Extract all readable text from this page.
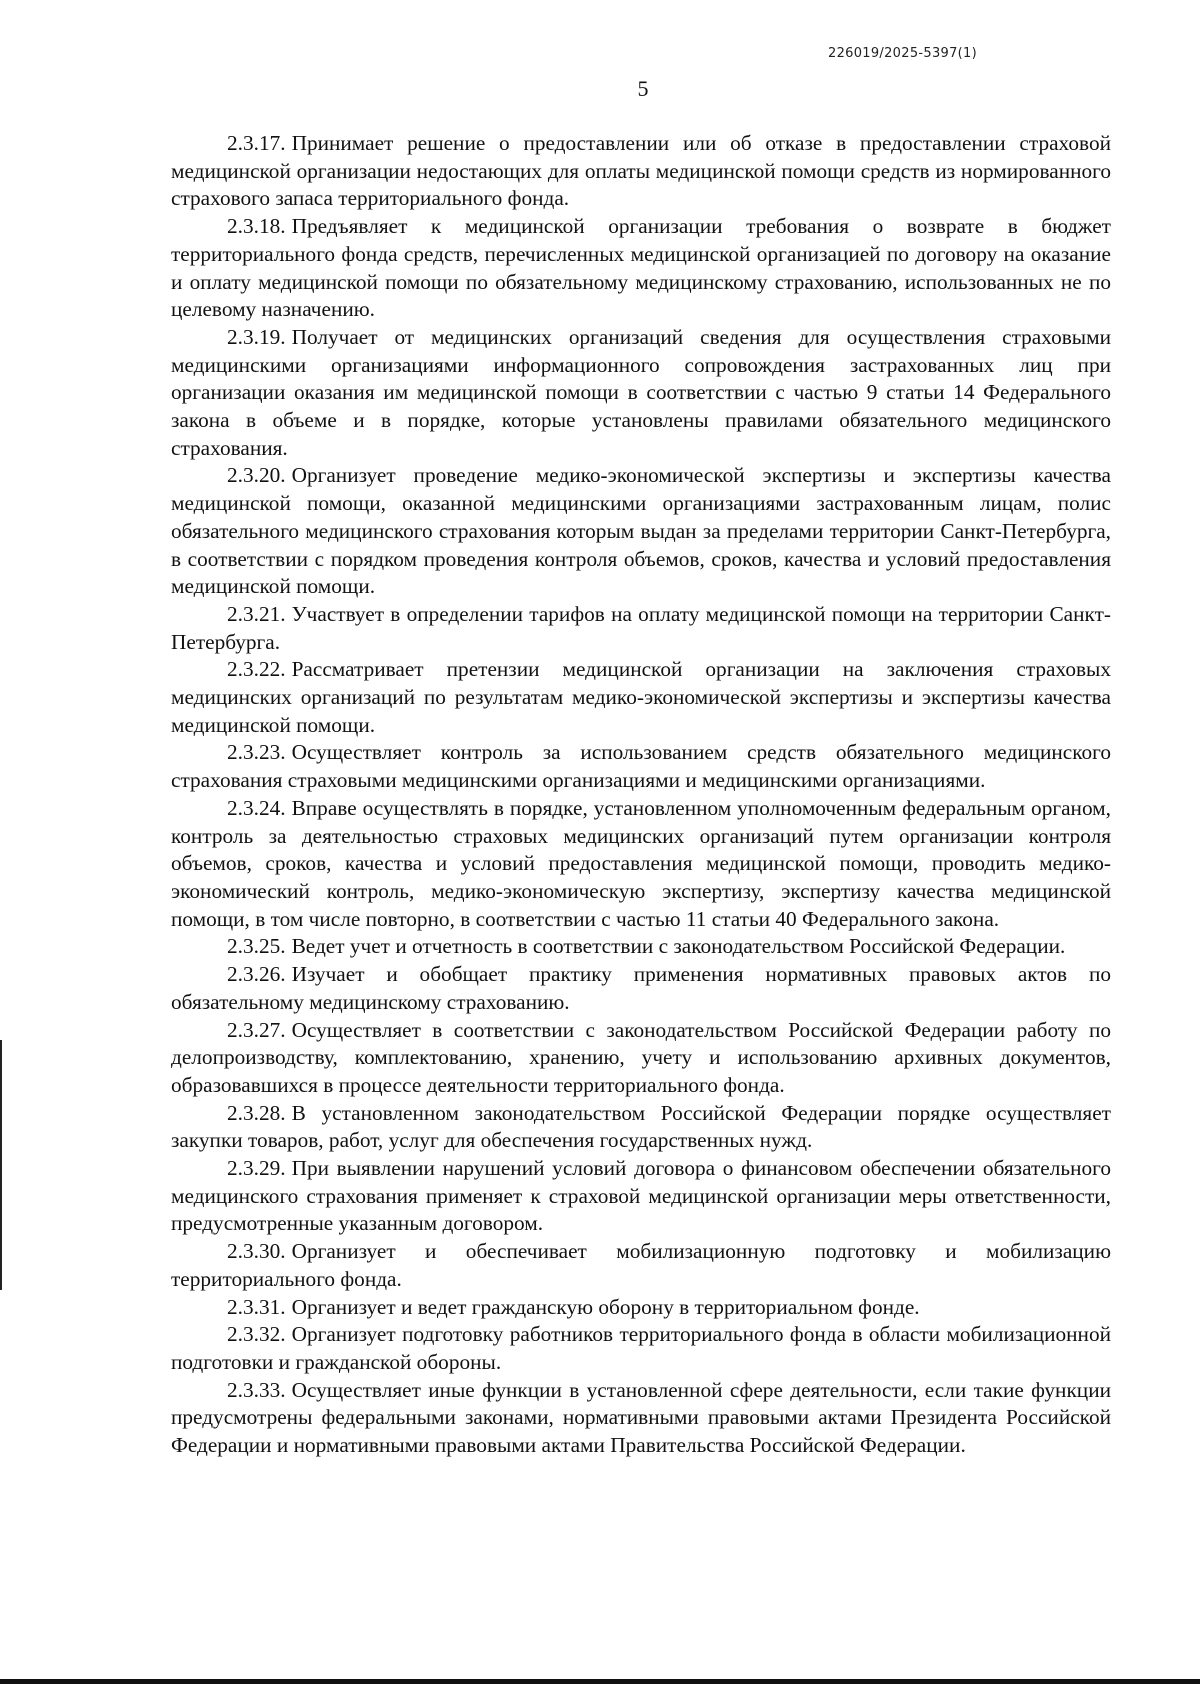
226019/2025-5397(1)
5

2.3.17. Принимает решение о предоставлении или об отказе в предоставлении страховой медицинской организации недостающих для оплаты медицинской помощи средств из нормированного страхового запаса территориального фонда.

2.3.18. Предъявляет к медицинской организации требования о возврате в бюджет территориального фонда средств, перечисленных медицинской организацией по договору на оказание и оплату медицинской помощи по обязательному медицинскому страхованию, использованных не по целевому назначению.

2.3.19. Получает от медицинских организаций сведения для осуществления страховыми медицинскими организациями информационного сопровождения застрахованных лиц при организации оказания им медицинской помощи в соответствии с частью 9 статьи 14 Федерального закона в объеме и в порядке, которые установлены правилами обязательного медицинского страхования.

2.3.20. Организует проведение медико-экономической экспертизы и экспертизы качества медицинской помощи, оказанной медицинскими организациями застрахованным лицам, полис обязательного медицинского страхования которым выдан за пределами территории Санкт-Петербурга, в соответствии с порядком проведения контроля объемов, сроков, качества и условий предоставления медицинской помощи.

2.3.21. Участвует в определении тарифов на оплату медицинской помощи на территории Санкт-Петербурга.

2.3.22. Рассматривает претензии медицинской организации на заключения страховых медицинских организаций по результатам медико-экономической экспертизы и экспертизы качества медицинской помощи.

2.3.23. Осуществляет контроль за использованием средств обязательного медицинского страхования страховыми медицинскими организациями и медицинскими организациями.

2.3.24. Вправе осуществлять в порядке, установленном уполномоченным федеральным органом, контроль за деятельностью страховых медицинских организаций путем организации контроля объемов, сроков, качества и условий предоставления медицинской помощи, проводить медико-экономический контроль, медико-экономическую экспертизу, экспертизу качества медицинской помощи, в том числе повторно, в соответствии с частью 11 статьи 40 Федерального закона.

2.3.25. Ведет учет и отчетность в соответствии с законодательством Российской Федерации.

2.3.26. Изучает и обобщает практику применения нормативных правовых актов по обязательному медицинскому страхованию.

2.3.27. Осуществляет в соответствии с законодательством Российской Федерации работу по делопроизводству, комплектованию, хранению, учету и использованию архивных документов, образовавшихся в процессе деятельности территориального фонда.

2.3.28. В установленном законодательством Российской Федерации порядке осуществляет закупки товаров, работ, услуг для обеспечения государственных нужд.

2.3.29. При выявлении нарушений условий договора о финансовом обеспечении обязательного медицинского страхования применяет к страховой медицинской организации меры ответственности, предусмотренные указанным договором.

2.3.30. Организует и обеспечивает мобилизационную подготовку и мобилизацию территориального фонда.

2.3.31. Организует и ведет гражданскую оборону в территориальном фонде.

2.3.32. Организует подготовку работников территориального фонда в области мобилизационной подготовки и гражданской обороны.

2.3.33. Осуществляет иные функции в установленной сфере деятельности, если такие функции предусмотрены федеральными законами, нормативными правовыми актами Президента Российской Федерации и нормативными правовыми актами Правительства Российской Федерации.
